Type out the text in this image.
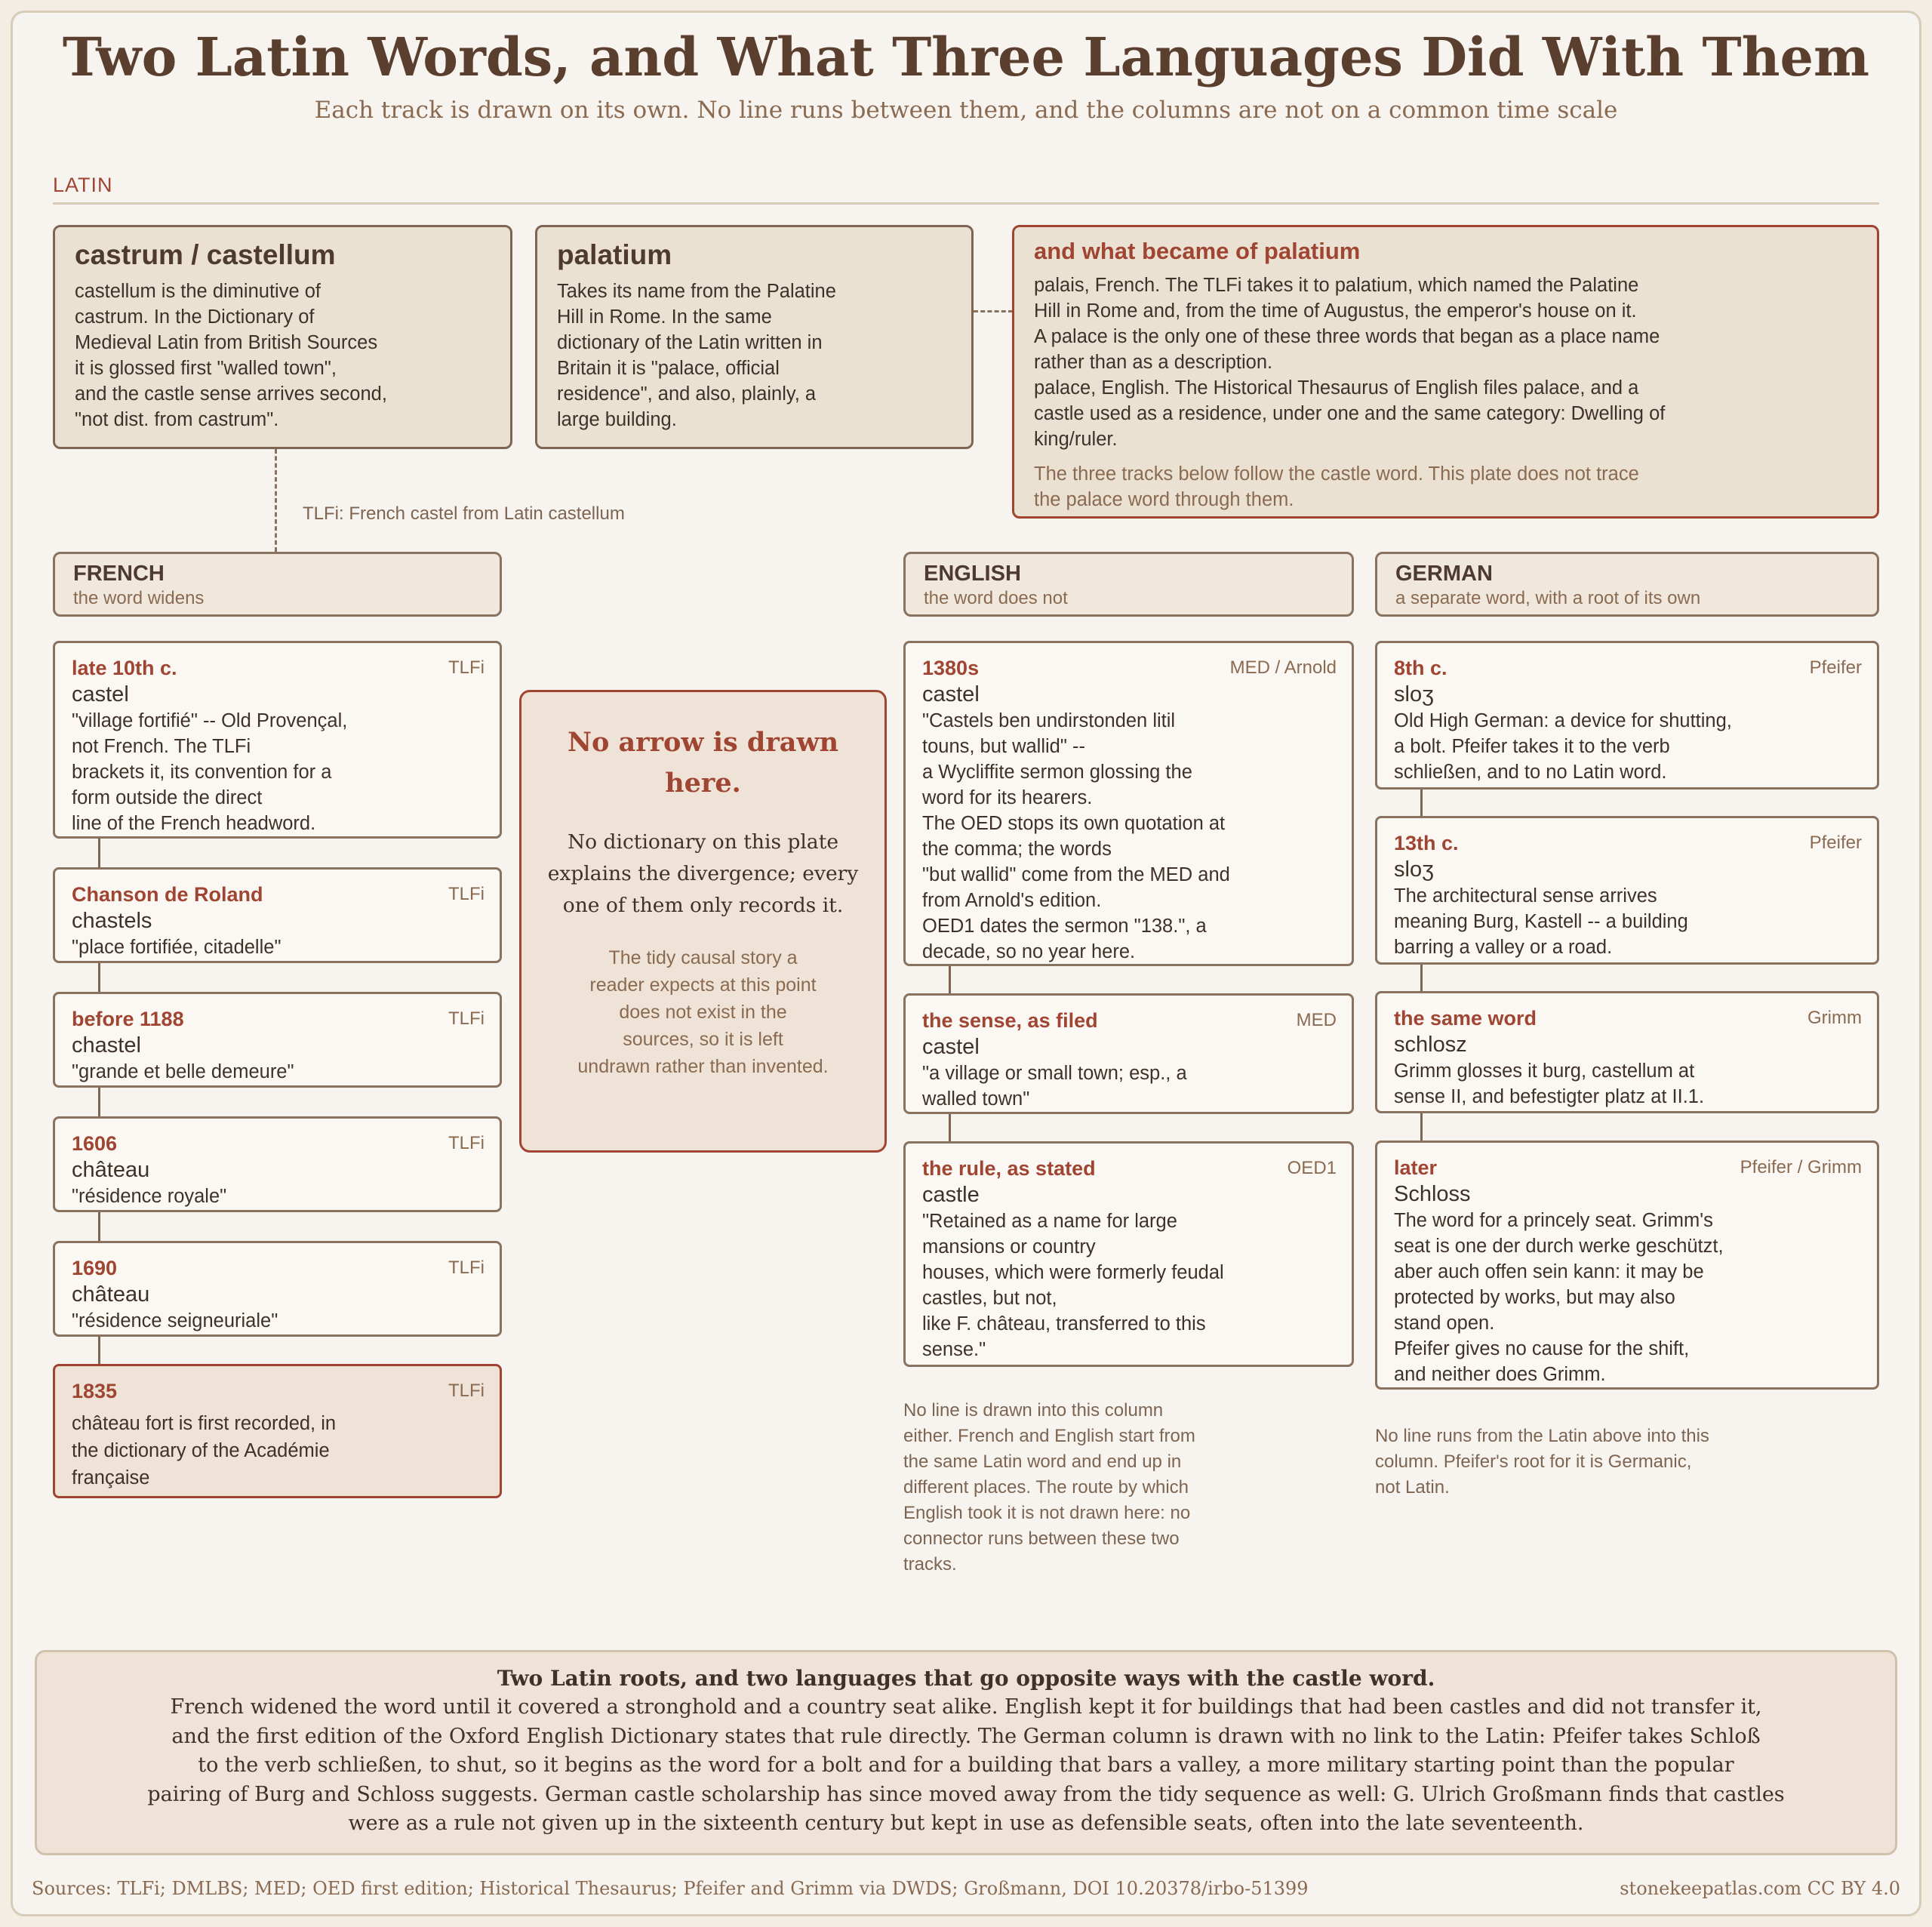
Two Latin Words, and What Three Languages Did With Them
Each track is drawn on its own. No line runs between them, and the columns are not on a common time scale
LATIN
castrum / castellum

castellum is the diminutive of
castrum. In the Dictionary of
Medieval Latin from British Sources
it is glossed first "walled town",
and the castle sense arrives second,
"not dist. from castrum".

palatium

Takes its name from the Palatine
Hill in Rome. In the same
dictionary of the Latin written in
Britain it is "palace, official
residence", and also, plainly, a
large building.

and what became of palatium

palais, French. The TLFi takes it to palatium, which named the Palatine
Hill in Rome and, from the time of Augustus, the emperor's house on it.
A palace is the only one of these three words that began as a place name
rather than as a description.
palace, English. The Historical Thesaurus of English files palace, and a
castle used as a residence, under one and the same category: Dwelling of
king/ruler.

The three tracks below follow the castle word. This plate does not trace
the palace word through them.

TLFi: French castel from Latin castellum
FRENCH
the word widens
ENGLISH
the word does not
GERMAN
a separate word, with a root of its own
late 10th c.	TLFi
castel
"village fortifié" -- Old Provençal,
not French. The TLFi
brackets it, its convention for a
form outside the direct
line of the French headword.
Chanson de Roland	TLFi
chastels
"place fortifiée, citadelle"
before 1188	TLFi
chastel
"grande et belle demeure"
1606	TLFi
château
"résidence royale"
1690	TLFi
château
"résidence seigneuriale"
1835	TLFi
château fort is first recorded, in
the dictionary of the Académie
française
No arrow is drawn
here.
No dictionary on this plate
explains the divergence; every
one of them only records it.
The tidy causal story a
reader expects at this point
does not exist in the
sources, so it is left
undrawn rather than invented.
1380s	MED / Arnold
castel
"Castels ben undirstonden litil
touns, but wallid" --
a Wycliffite sermon glossing the
word for its hearers.
The OED stops its own quotation at
the comma; the words
"but wallid" come from the MED and
from Arnold's edition.
OED1 dates the sermon "138.", a
decade, so no year here.
the sense, as filed	MED
castel
"a village or small town; esp., a
walled town"
the rule, as stated	OED1
castle
"Retained as a name for large
mansions or country
houses, which were formerly feudal
castles, but not,
like F. château, transferred to this
sense."
No line is drawn into this column
either. French and English start from
the same Latin word and end up in
different places. The route by which
English took it is not drawn here: no
connector runs between these two
tracks.
8th c.	Pfeifer
sloʒ
Old High German: a device for shutting,
a bolt. Pfeifer takes it to the verb
schließen, and to no Latin word.
13th c.	Pfeifer
sloʒ
The architectural sense arrives
meaning Burg, Kastell -- a building
barring a valley or a road.
the same word	Grimm
schlosz
Grimm glosses it burg, castellum at
sense II, and befestigter platz at II.1.
later	Pfeifer / Grimm
Schloss
The word for a princely seat. Grimm's
seat is one der durch werke geschützt,
aber auch offen sein kann: it may be
protected by works, but may also
stand open.
Pfeifer gives no cause for the shift,
and neither does Grimm.
No line runs from the Latin above into this
column. Pfeifer's root for it is Germanic,
not Latin.
Two Latin roots, and two languages that go opposite ways with the castle word.
French widened the word until it covered a stronghold and a country seat alike. English kept it for buildings that had been castles and did not transfer it,
and the first edition of the Oxford English Dictionary states that rule directly. The German column is drawn with no link to the Latin: Pfeifer takes Schloß
to the verb schließen, to shut, so it begins as the word for a bolt and for a building that bars a valley, a more military starting point than the popular
pairing of Burg and Schloss suggests. German castle scholarship has since moved away from the tidy sequence as well: G. Ulrich Großmann finds that castles
were as a rule not given up in the sixteenth century but kept in use as defensible seats, often into the late seventeenth.
Sources: TLFi; DMLBS; MED; OED first edition; Historical Thesaurus; Pfeifer and Grimm via DWDS; Großmann, DOI 10.20378/irbo-51399	stonekeepatlas.com CC BY 4.0
